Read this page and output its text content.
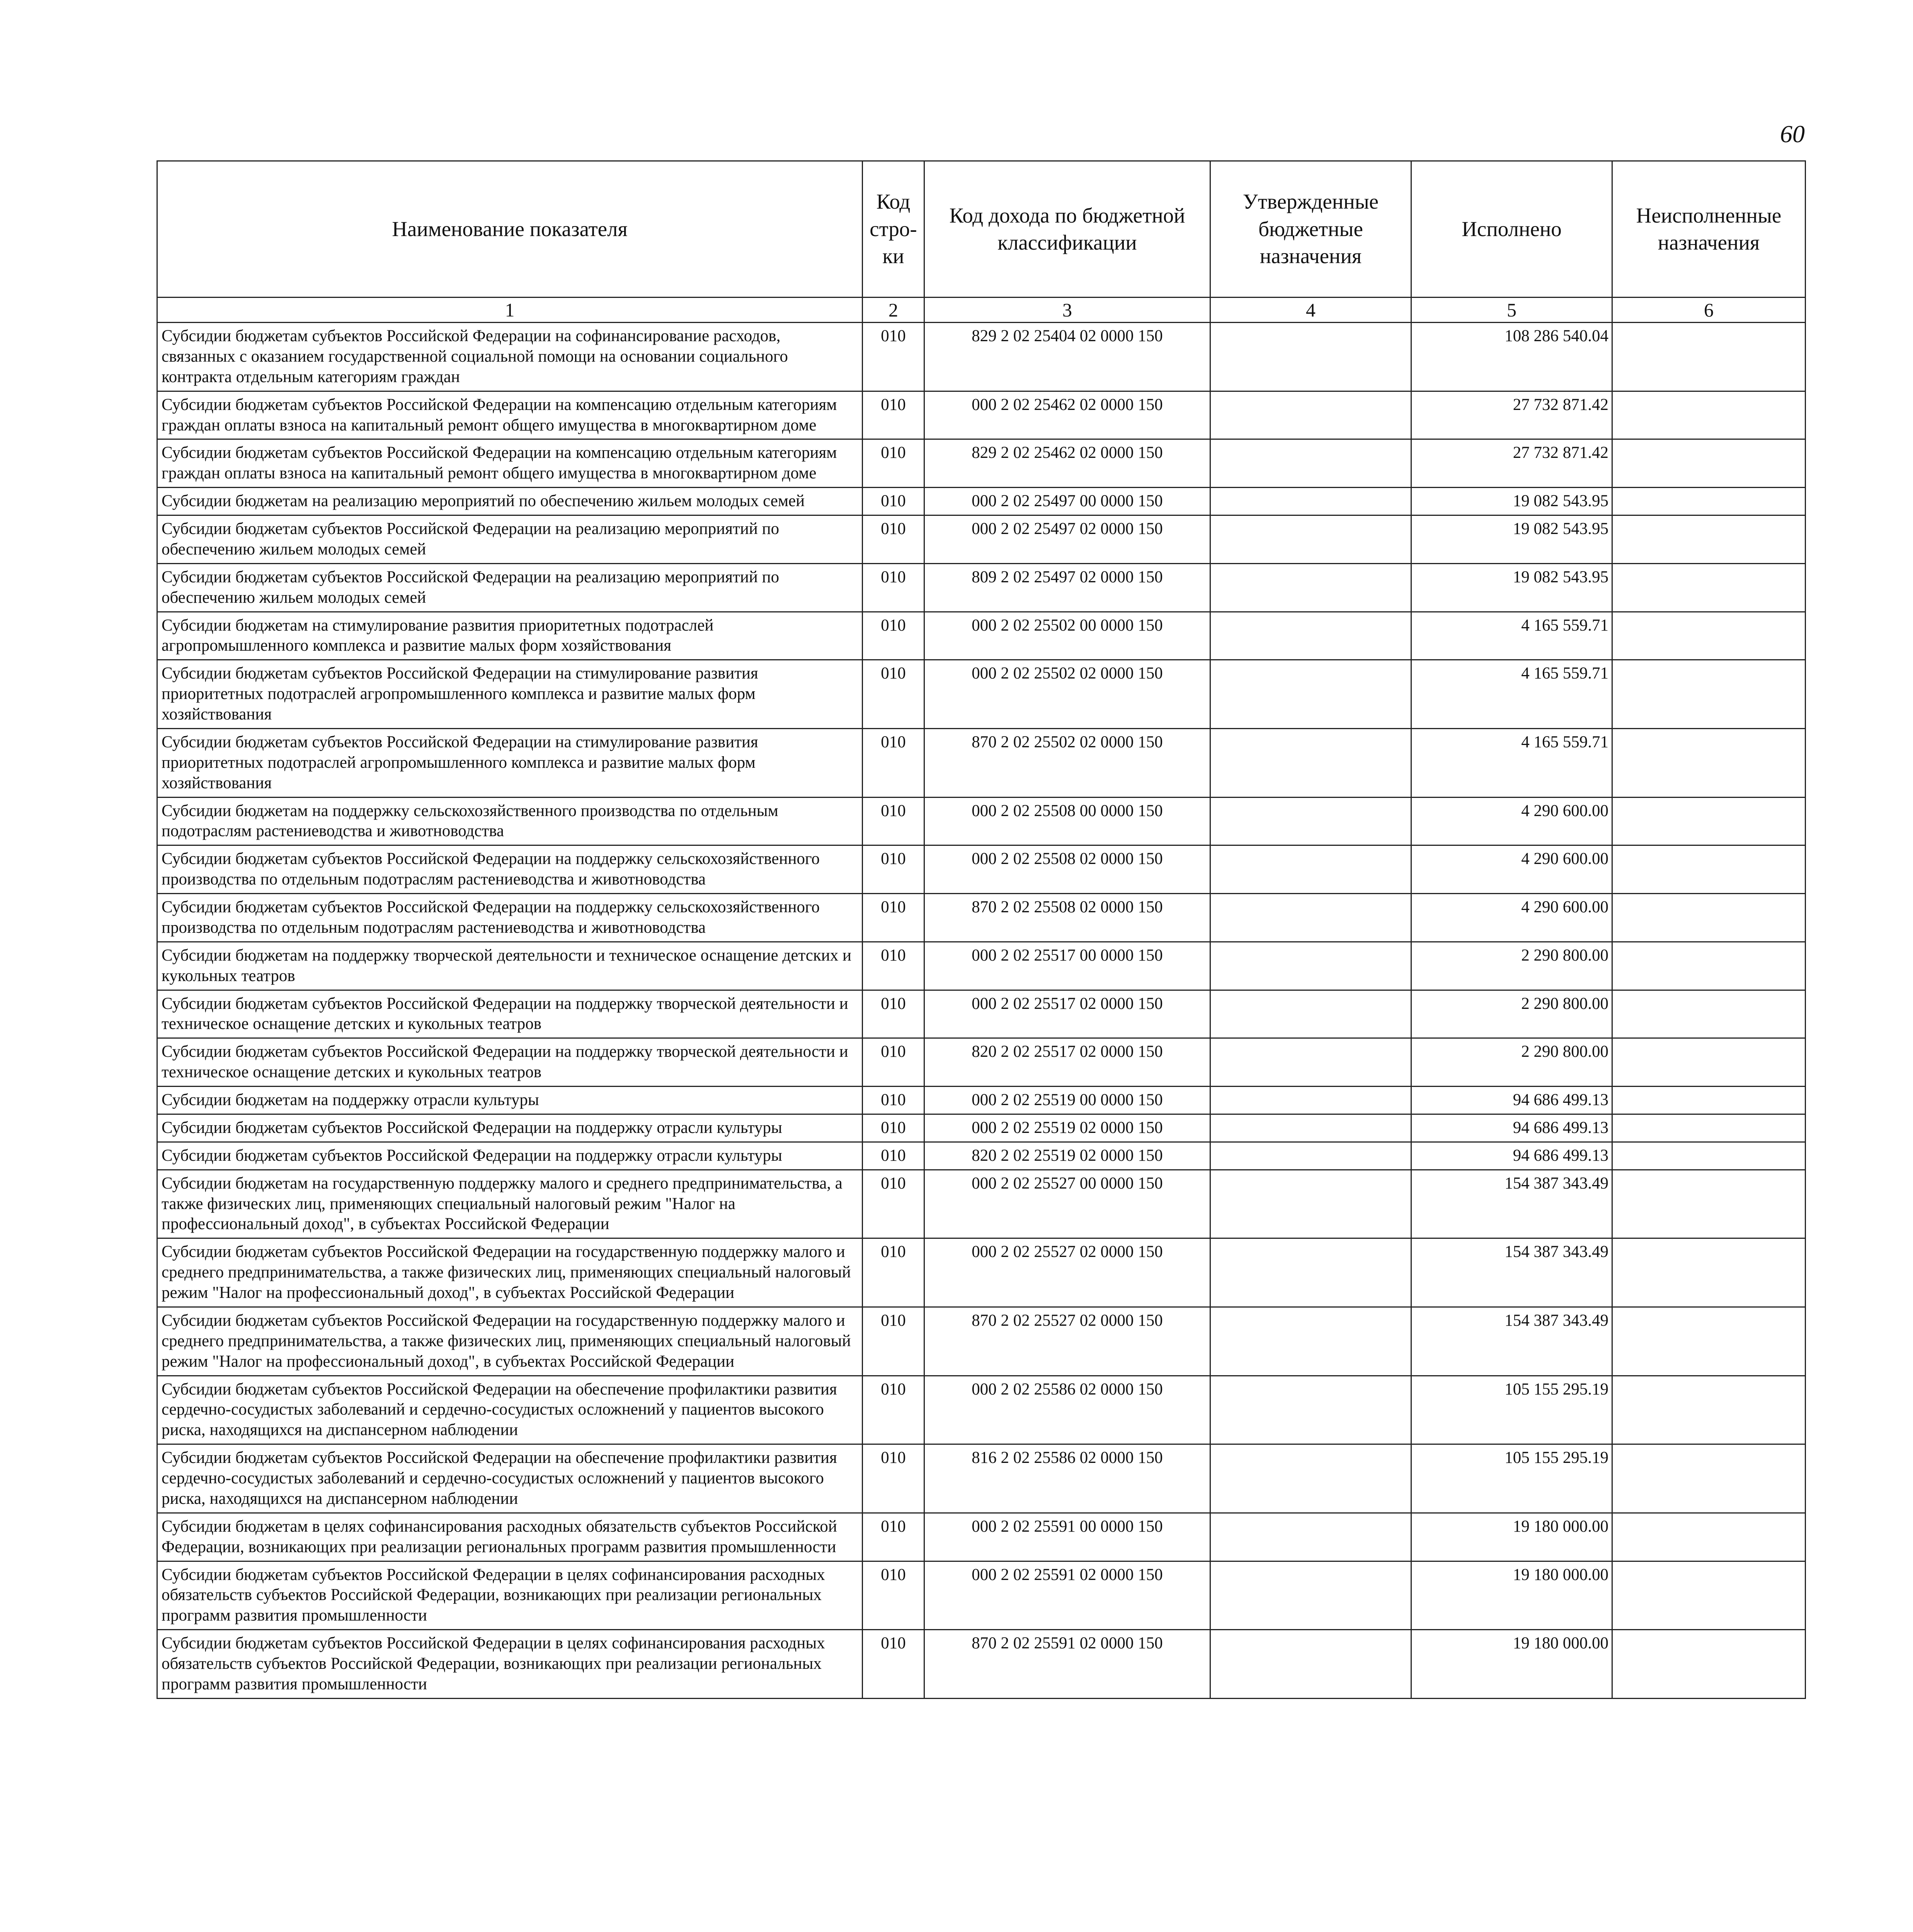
60
Наименование показателя	Код стро-ки	Код дохода по бюджетной классификации	Утвержденные бюджетные назначения	Исполнено	Неисполненные назначения
1	2	3	4	5	6
Субсидии бюджетам субъектов Российской Федерации на софинансирование расходов, связанных с оказанием государственной социальной помощи на основании социального контракта отдельным категориям граждан	010	829 2 02 25404 02 0000 150		108 286 540.04	
Субсидии бюджетам субъектов Российской Федерации на компенсацию отдельным категориям граждан оплаты взноса на капитальный ремонт общего имущества в многоквартирном доме	010	000 2 02 25462 02 0000 150		27 732 871.42	
Субсидии бюджетам субъектов Российской Федерации на компенсацию отдельным категориям граждан оплаты взноса на капитальный ремонт общего имущества в многоквартирном доме	010	829 2 02 25462 02 0000 150		27 732 871.42	
Субсидии бюджетам на реализацию мероприятий по обеспечению жильем молодых семей	010	000 2 02 25497 00 0000 150		19 082 543.95	
Субсидии бюджетам субъектов Российской Федерации на реализацию мероприятий по обеспечению жильем молодых семей	010	000 2 02 25497 02 0000 150		19 082 543.95	
Субсидии бюджетам субъектов Российской Федерации на реализацию мероприятий по обеспечению жильем молодых семей	010	809 2 02 25497 02 0000 150		19 082 543.95	
Субсидии бюджетам на стимулирование развития приоритетных подотраслей агропромышленного комплекса и развитие малых форм хозяйствования	010	000 2 02 25502 00 0000 150		4 165 559.71	
Субсидии бюджетам субъектов Российской Федерации на стимулирование развития приоритетных подотраслей агропромышленного комплекса и развитие малых форм хозяйствования	010	000 2 02 25502 02 0000 150		4 165 559.71	
Субсидии бюджетам субъектов Российской Федерации на стимулирование развития приоритетных подотраслей агропромышленного комплекса и развитие малых форм хозяйствования	010	870 2 02 25502 02 0000 150		4 165 559.71	
Субсидии бюджетам на поддержку сельскохозяйственного производства по отдельным подотраслям растениеводства и животноводства	010	000 2 02 25508 00 0000 150		4 290 600.00	
Субсидии бюджетам субъектов Российской Федерации на поддержку сельскохозяйственного производства по отдельным подотраслям растениеводства и животноводства	010	000 2 02 25508 02 0000 150		4 290 600.00	
Субсидии бюджетам субъектов Российской Федерации на поддержку сельскохозяйственного производства по отдельным подотраслям растениеводства и животноводства	010	870 2 02 25508 02 0000 150		4 290 600.00	
Субсидии бюджетам на поддержку творческой деятельности и техническое оснащение детских и кукольных театров	010	000 2 02 25517 00 0000 150		2 290 800.00	
Субсидии бюджетам субъектов Российской Федерации на поддержку творческой деятельности и техническое оснащение детских и кукольных театров	010	000 2 02 25517 02 0000 150		2 290 800.00	
Субсидии бюджетам субъектов Российской Федерации на поддержку творческой деятельности и техническое оснащение детских и кукольных театров	010	820 2 02 25517 02 0000 150		2 290 800.00	
Субсидии бюджетам на поддержку отрасли культуры	010	000 2 02 25519 00 0000 150		94 686 499.13	
Субсидии бюджетам субъектов Российской Федерации на поддержку отрасли культуры	010	000 2 02 25519 02 0000 150		94 686 499.13	
Субсидии бюджетам субъектов Российской Федерации на поддержку отрасли культуры	010	820 2 02 25519 02 0000 150		94 686 499.13	
Субсидии бюджетам на государственную поддержку малого и среднего предпринимательства, а также физических лиц, применяющих специальный налоговый режим "Налог на профессиональный доход", в субъектах Российской Федерации	010	000 2 02 25527 00 0000 150		154 387 343.49	
Субсидии бюджетам субъектов Российской Федерации на государственную поддержку малого и среднего предпринимательства, а также физических лиц, применяющих специальный налоговый режим "Налог на профессиональный доход", в субъектах Российской Федерации	010	000 2 02 25527 02 0000 150		154 387 343.49	
Субсидии бюджетам субъектов Российской Федерации на государственную поддержку малого и среднего предпринимательства, а также физических лиц, применяющих специальный налоговый режим "Налог на профессиональный доход", в субъектах Российской Федерации	010	870 2 02 25527 02 0000 150		154 387 343.49	
Субсидии бюджетам субъектов Российской Федерации на обеспечение профилактики развития сердечно-сосудистых заболеваний и сердечно-сосудистых осложнений у пациентов высокого риска, находящихся на диспансерном наблюдении	010	000 2 02 25586 02 0000 150		105 155 295.19	
Субсидии бюджетам субъектов Российской Федерации на обеспечение профилактики развития сердечно-сосудистых заболеваний и сердечно-сосудистых осложнений у пациентов высокого риска, находящихся на диспансерном наблюдении	010	816 2 02 25586 02 0000 150		105 155 295.19	
Субсидии бюджетам в целях софинансирования расходных обязательств субъектов Российской Федерации, возникающих при реализации региональных программ развития промышленности	010	000 2 02 25591 00 0000 150		19 180 000.00	
Субсидии бюджетам субъектов Российской Федерации в целях софинансирования расходных обязательств субъектов Российской Федерации, возникающих при реализации региональных программ развития промышленности	010	000 2 02 25591 02 0000 150		19 180 000.00	
Субсидии бюджетам субъектов Российской Федерации в целях софинансирования расходных обязательств субъектов Российской Федерации, возникающих при реализации региональных программ развития промышленности	010	870 2 02 25591 02 0000 150		19 180 000.00	
